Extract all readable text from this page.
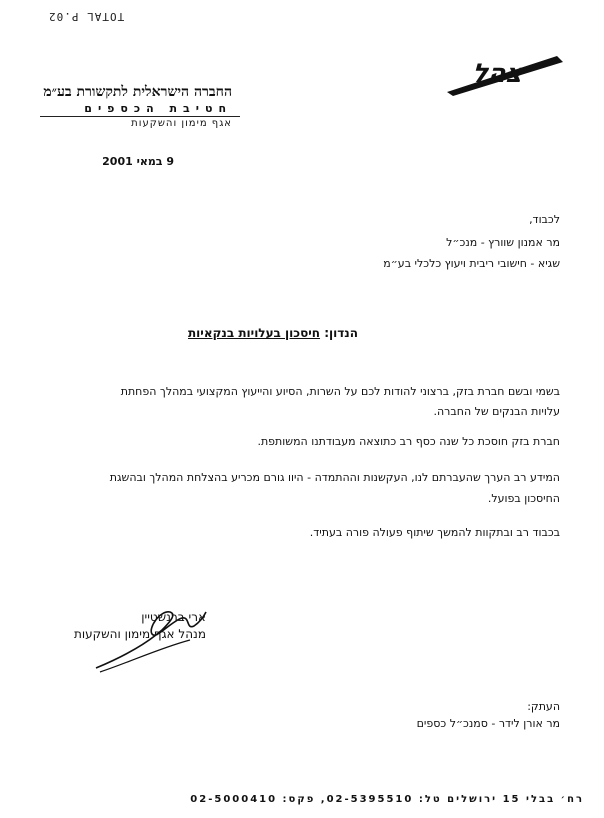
TOTAL P.02
צהל
החברה הישראלית לתקשורת בע״מ
חטיבת הכספים
אגף מימון והשקעות
9 במאי 2001
לכבוד,
מר אמנון שוורץ - מנכ״ל
שגיא - חישובי ריבית ויעוץ כלכלי בע״מ
הנדון: חיסכון בעלויות בנקאיות
בשמי ובשם חברת בזק, ברצוני להודות לכם על השרות, הסיוע והייעוץ המקצועי במהלך הפחתת
עלויות הבנקים של החברה.
חברת בזק חוסכת כל שנה כסף רב כתוצאה מעבודתנו המשותפת.
המידע רב הערך שהעברתם לנו, העקשנות וההתמדה - היוו גורם מכריע בהצלחת המהלך ובהשגת
החיסכון בפועל.
בכבוד רב ובתקוות להמשך שיתוף פעולה פורה בעתיד.
ארי ברנשטיין
מנהל אגף מימון והשקעות
העתק:
מר אורן לידר - סמנכ״ל כספים
רח׳ בבלי 15 ירושלים טל: 02-5395510, פקס: 02-5000410
